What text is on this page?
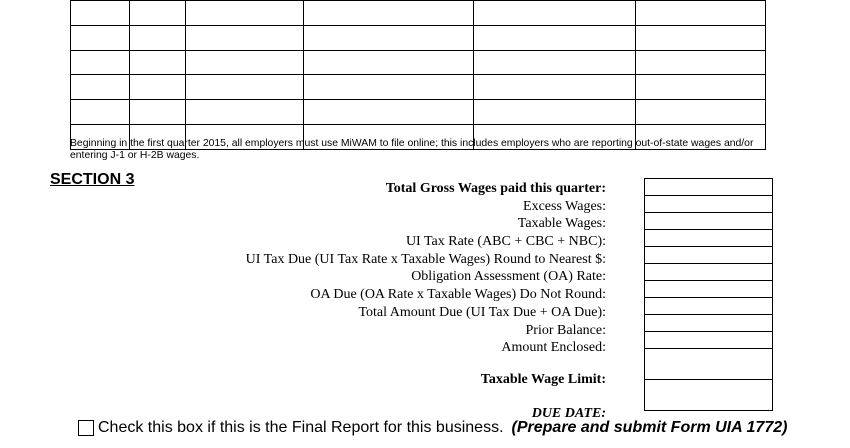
Beginning in the first quarter 2015, all employers must use MiWAM to file online; this includes employers who are reporting out-of-state wages and/or entering J-1 or H-2B wages.
SECTION 3
Total Gross Wages paid this quarter:
Excess Wages:
Taxable Wages:
UI Tax Rate (ABC + CBC + NBC):
UI Tax Due (UI Tax Rate x Taxable Wages) Round to Nearest $:
Obligation Assessment (OA) Rate:
OA Due (OA Rate x Taxable Wages) Do Not Round:
Total Amount Due (UI Tax Due + OA Due):
Prior Balance:
Amount Enclosed:
Taxable Wage Limit:
DUE DATE:

Check this box if this is the Final Report for this business. (Prepare and submit Form UIA 1772)
